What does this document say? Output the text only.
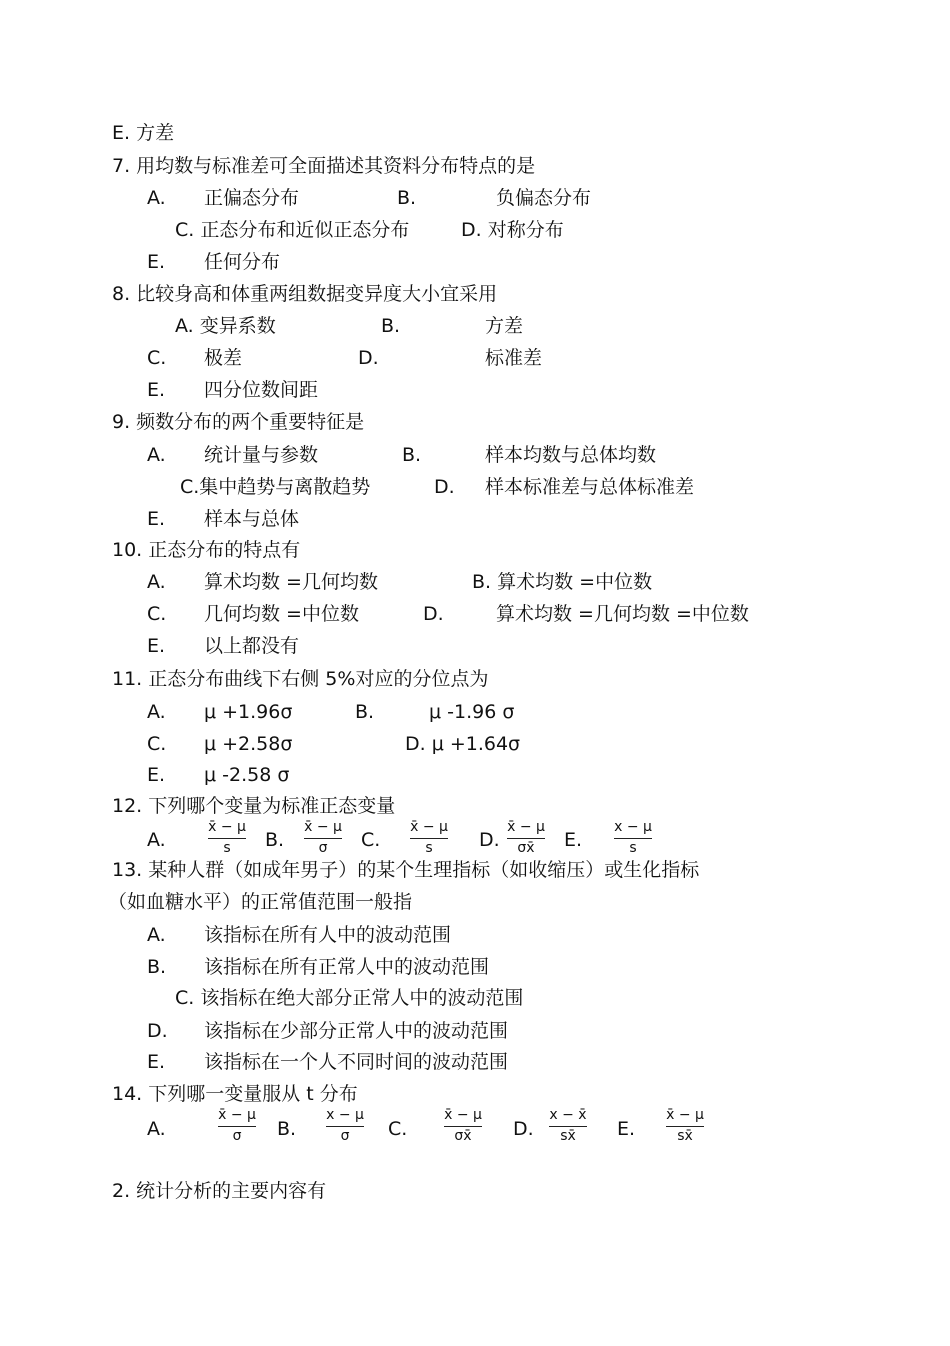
E. 方差
7. 用均数与标准差可全面描述其资料分布特点的是
A. 正偏态分布	B.	负偏态分布
C. 正态分布和近似正态分布	D. 对称分布
E. 任何分布
8. 比较身高和体重两组数据变异度大小宜采用
A. 变异系数	B.	方差
C. 极差	D.	标准差
E. 四分位数间距
9. 频数分布的两个重要特征是
A. 统计量与参数	B.	样本均数与总体均数
C.集中趋势与离散趋势	D. 样本标准差与总体标准差
E. 样本与总体
10. 正态分布的特点有
A. 算术均数 =几何均数	B. 算术均数 =中位数
C. 几何均数 =中位数	D.	算术均数 =几何均数 =中位数
E. 以上都没有
11. 正态分布曲线下右侧 5%对应的分位点为
A. μ +1.96σ	B.	μ -1.96 σ
C. μ +2.58σ	D. μ +1.64σ
E. μ -2.58 σ
12. 下列哪个变量为标准正态变量
A.
x̄ − μ
s	B.
x̄ − μ
σ	C.
x̄ − μ
s	D.
x̄ − μ
σx̄	E.
x − μ
s
13. 某种人群（如成年男子）的某个生理指标（如收缩压）或生化指标
（如血糖水平）的正常值范围一般指
A. 该指标在所有人中的波动范围
B. 该指标在所有正常人中的波动范围
C. 该指标在绝大部分正常人中的波动范围
D. 该指标在少部分正常人中的波动范围
E. 该指标在一个人不同时间的波动范围
14. 下列哪一变量服从 t 分布
A.
x̄ − μ
σ	B.
x − μ
σ	C.
x̄ − μ
σx̄	D.
x − x̄
sx̄	E.
x̄ − μ
sx̄
2. 统计分析的主要内容有
